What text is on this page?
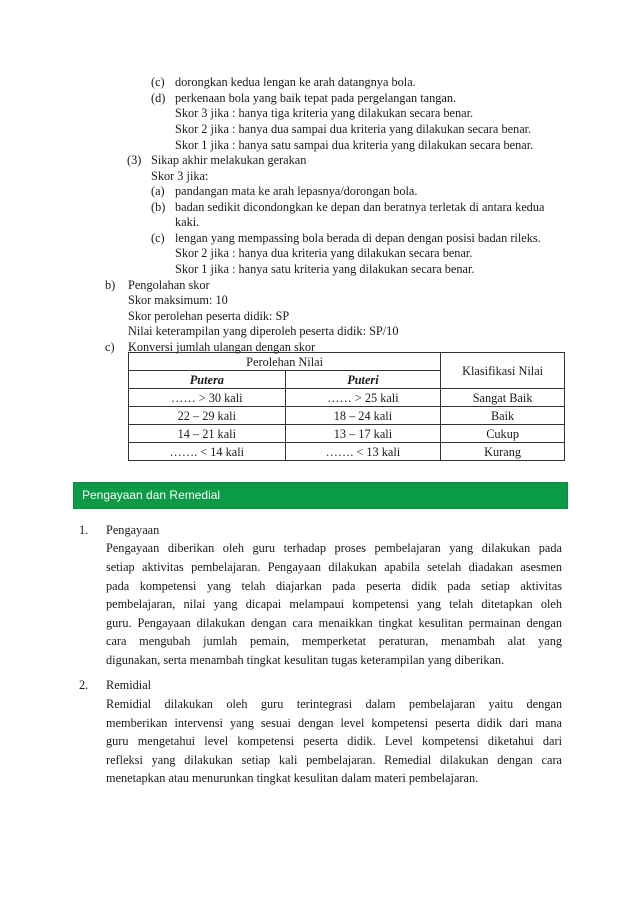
(c) dorongkan kedua lengan ke arah datangnya bola.
(d) perkenaan bola yang baik tepat pada pergelangan tangan.
Skor 3 jika : hanya tiga kriteria yang dilakukan secara benar.
Skor 2 jika : hanya dua sampai dua kriteria yang dilakukan secara benar.
Skor 1 jika : hanya satu sampai dua kriteria yang dilakukan secara benar.
(3) Sikap akhir melakukan gerakan
Skor 3 jika:
(a) pandangan mata ke arah lepasnya/dorongan bola.
(b) badan sedikit dicondongkan ke depan dan beratnya terletak di antara kedua
kaki.
(c) lengan yang mempassing bola berada di depan dengan posisi badan rileks.
Skor 2 jika : hanya dua kriteria yang dilakukan secara benar.
Skor 1 jika : hanya satu kriteria yang dilakukan secara benar.
b) Pengolahan skor
Skor maksimum: 10
Skor perolehan peserta didik: SP
Nilai keterampilan yang diperoleh peserta didik: SP/10
c) Konversi jumlah ulangan dengan skor
Perolehan Nilai		Klasifikasi Nilai
Putera	Puteri	
…… > 30 kali	…… > 25 kali	Sangat Baik
22 – 29 kali	18 – 24 kali	Baik
14 – 21 kali	13 – 17 kali	Cukup
……. < 14 kali	……. < 13 kali	Kurang
Pengayaan dan Remedial
1. Pengayaan
Pengayaan diberikan oleh guru terhadap proses pembelajaran yang dilakukan pada
setiap aktivitas pembelajaran. Pengayaan dilakukan apabila setelah diadakan asesmen
pada kompetensi yang telah diajarkan pada peserta didik pada setiap aktivitas
pembelajaran, nilai yang dicapai melampaui kompetensi yang telah ditetapkan oleh
guru. Pengayaan dilakukan dengan cara menaikkan tingkat kesulitan permainan dengan
cara mengubah jumlah pemain, memperketat peraturan, menambah alat yang
digunakan, serta menambah tingkat kesulitan tugas keterampilan yang diberikan.
2. Remidial
Remidial dilakukan oleh guru terintegrasi dalam pembelajaran yaitu dengan
memberikan intervensi yang sesuai dengan level kompetensi peserta didik dari mana
guru mengetahui level kompetensi peserta didik. Level kompetensi diketahui dari
refleksi yang dilakukan setiap kali pembelajaran. Remedial dilakukan dengan cara
menetapkan atau menurunkan tingkat kesulitan dalam materi pembelajaran.
